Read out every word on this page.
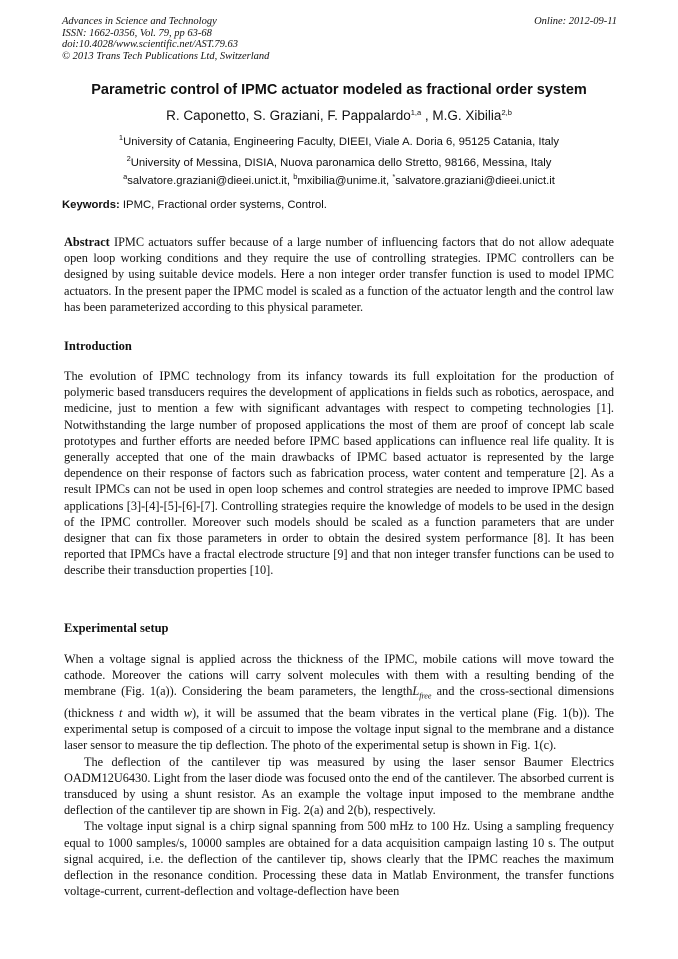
Advances in Science and Technology
ISSN: 1662-0356, Vol. 79, pp 63-68
doi:10.4028/www.scientific.net/AST.79.63
© 2013 Trans Tech Publications Ltd, Switzerland
Online: 2012-09-11
Parametric control of IPMC actuator modeled as fractional order system
R. Caponetto, S. Graziani, F. Pappalardo$^{1,a}$ , M.G. Xibilia$^{2,b}$
$^1$University of Catania, Engineering Faculty, DIEEI, Viale A. Doria 6, 95125 Catania, Italy
$^2$University of Messina, DISIA, Nuova paronamica dello Stretto, 98166, Messina, Italy
$^a$salvatore.graziani@dieei.unict.it, $^b$mxibilia@unime.it, *salvatore.graziani@dieei.unict.it
Keywords: IPMC, Fractional order systems, Control.
Abstract IPMC actuators suffer because of a large number of influencing factors that do not allow adequate open loop working conditions and they require the use of controlling strategies. IPMC controllers can be designed by using suitable device models. Here a non integer order transfer function is used to model IPMC actuators. In the present paper the IPMC model is scaled as a function of the actuator length and the control law has been parameterized according to this physical parameter.
Introduction
The evolution of IPMC technology from its infancy towards its full exploitation for the production of polymeric based transducers requires the development of applications in fields such as robotics, aerospace, and medicine, just to mention a few with significant advantages with respect to competing technologies [1]. Notwithstanding the large number of proposed applications the most of them are proof of concept lab scale prototypes and further efforts are needed before IPMC based applications can influence real life quality. It is generally accepted that one of the main drawbacks of IPMC based actuator is represented by the large dependence on their response of factors such as fabrication process, water content and temperature [2]. As a result IPMCs can not be used in open loop schemes and control strategies are needed to improve IPMC based applications [3]-[4]-[5]-[6]-[7]. Controlling strategies require the knowledge of models to be used in the design of the IPMC controller. Moreover such models should be scaled as a function parameters that are under designer that can fix those parameters in order to obtain the desired system performance [8]. It has been reported that IPMCs have a fractal electrode structure [9] and that non integer transfer functions can be used to describe their transduction properties [10].
Experimental setup

When a voltage signal is applied across the thickness of the IPMC, mobile cations will move toward the cathode. Moreover the cations will carry solvent molecules with them with a resulting bending of the membrane (Fig. 1(a)). Considering the beam parameters, the lengthL$_{free}$ and the cross-sectional dimensions (thickness t and width w), it will be assumed that the beam vibrates in the vertical plane (Fig. 1(b)). The experimental setup is composed of a circuit to impose the voltage input signal to the membrane and a distance laser sensor to measure the tip deflection. The photo of the experimental setup is shown in Fig. 1(c).

The deflection of the cantilever tip was measured by using the laser sensor Baumer Electrics OADM12U6430. Light from the laser diode was focused onto the end of the cantilever. The absorbed current is transduced by using a shunt resistor. As an example the voltage input imposed to the membrane andthe deflection of the cantilever tip are shown in Fig. 2(a) and 2(b), respectively.

The voltage input signal is a chirp signal spanning from 500 mHz to 100 Hz. Using a sampling frequency equal to 1000 samples/s, 10000 samples are obtained for a data acquisition campaign lasting 10 s. The output signal acquired, i.e. the deflection of the cantilever tip, shows clearly that the IPMC reaches the maximum deflection in the resonance condition. Processing these data in Matlab Environment, the transfer functions voltage-current, current-deflection and voltage-deflection have been
